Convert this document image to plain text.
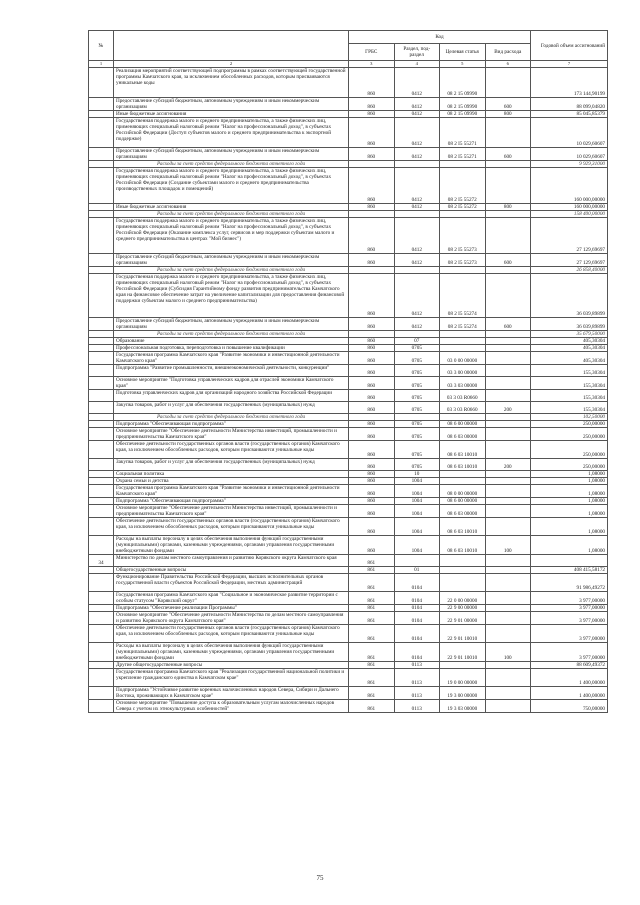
№		Код				Годовой объем ассигнований
		ГРБС	Раздел, под-раздел	Целевая статья	Вид расхода	
1	2	3	4	5	6	7
	Реализация мероприятий соответствующей подпрограммы в рамках соответствующей государственной программы Камчатского края, за исключением обособленных расходов, которым присваиваются уникальные коды	860	0412	08 2 15 09990		173 144,90199
	Предоставление субсидий бюджетным, автономным учреждениям и иным некоммерческим организациям	860	0412	08 2 15 09990	600	88 099,04820
	Иные бюджетные ассигнования	860	0412	08 2 15 09990	800	85 045,85379
	Государственная поддержка малого и среднего предпринимательства, а также физических лиц, применяющих специальный налоговый режим "Налог на профессиональный доход", в субъектах Российской Федерации (Доступ субъектов малого и среднего предпринимательства к экспортной поддержке)	860	0412	08 2 I5 55271		10 029,60607
	Предоставление субсидий бюджетным, автономным учреждениям и иным некоммерческим организациям	860	0412	08 2 I5 55271	600	10 029,60607
	Расходы за счет средств федерального бюджета отчетного года					9 929,31000
	Государственная поддержка малого и среднего предпринимательства, а также физических лиц, применяющих специальный налоговый режим "Налог на профессиональный доход", в субъектах Российской Федерации (Создание субъектами малого и среднего предпринимательства производственных площадок и помещений)	860	0412	08 2 I5 55272		160 000,00000
	Иные бюджетные ассигнования	860	0412	08 2 I5 55272	800	160 000,00000
	Расходы за счет средств федерального бюджета отчетного года					158 400,00000
	Государственная поддержка малого и среднего предпринимательства, а также физических лиц, применяющих специальный налоговый режим "Налог на профессиональный доход", в субъектах Российской Федерации (Оказание комплекса услуг, сервисов и мер поддержки субъектам малого и среднего предпринимательства в центрах "Мой бизнес")	860	0412	08 2 I5 55273		27 129,69697
	Предоставление субсидий бюджетным, автономным учреждениям и иным некоммерческим организациям	860	0412	08 2 I5 55273	600	27 129,69697
	Расходы за счет средств федерального бюджета отчетного года					26 858,40000
	Государственная поддержка малого и среднего предпринимательства, а также физических лиц, применяющих специальный налоговый режим "Налог на профессиональный доход", в субъектах Российской Федерации (Субсидия Гарантийному фонду развития предпринимательства Камчатского края на финансовое обеспечение затрат на увеличение капитализации для предоставления финансовой поддержки субъектам малого и среднего предпринимательства)	860	0412	08 2 I5 55274		36 039,89899
	Предоставление субсидий бюджетным, автономным учреждениям и иным некоммерческим организациям	860	0412	08 2 I5 55274	600	36 039,89899
	Расходы за счет средств федерального бюджета отчетного года					35 679,50000
	Образование	860	07			405,30304
	Профессиональная подготовка, переподготовка и повышение квалификации	860	0705			405,30304
	Государственная программа Камчатского края "Развитие экономики и инвестиционной деятельности Камчатского края"	860	0705	03 0 00 00000		405,30304
	Подпрограмма "Развитие промышленности, внешнеэкономической деятельности, конкуренции"	860	0705	03 3 00 00000		155,30304
	Основное мероприятие "Подготовка управленческих кадров для отраслей экономики Камчатского края"	860	0705	03 3 03 00000		155,30304
	Подготовка управленческих кадров для организаций народного хозяйства Российской Федерации	860	0705	03 3 03 R0660		155,30304
	Закупка товаров, работ и услуг для обеспечения государственных (муниципальных) нужд	860	0705	03 3 03 R0660	200	155,30304
	Расходы за счет средств федерального бюджета отчетного года					102,50000
	Подпрограмма "Обеспечивающая подпрограмма"	860	0705	08 6 00 00000		250,00000
	Основное мероприятие "Обеспечение деятельности Министерства инвестиций, промышленности и предпринимательства Камчатского края"	860	0705	08 6 03 00000		250,00000
	Обеспечение деятельности государственных органов власти (государственных органов) Камчатского края, за исключением обособленных расходов, которым присваиваются уникальные коды	860	0705	08 6 03 10010		250,00000
	Закупка товаров, работ и услуг для обеспечения государственных (муниципальных) нужд	860	0705	08 6 03 10010	200	250,00000
	Социальная политика	860	10			1,08000
	Охрана семьи и детства	860	1004			1,08000
	Государственная программа Камчатского края "Развитие экономики и инвестиционной деятельности Камчатского края"	860	1004	08 0 00 00000		1,08000
	Подпрограмма "Обеспечивающая подпрограмма"	860	1004	08 6 00 00000		1,08000
	Основное мероприятие "Обеспечение деятельности Министерства инвестиций, промышленности и предпринимательства Камчатского края"	860	1004	08 6 03 00000		1,08000
	Обеспечение деятельности государственных органов власти (государственных органов) Камчатского края, за исключением обособленных расходов, которым присваиваются уникальные коды	860	1004	08 6 03 10010		1,08000
	Расходы на выплаты персоналу в целях обеспечения выполнения функций государственными (муниципальными) органами, казенными учреждениями, органами управления государственными внебюджетными фондами	860	1004	08 6 03 10010	100	1,08000
34	Министерство по делам местного самоуправления и развитию Корякского округа Камчатского края	861				
	Общегосударственные вопросы	861	01			408 415,58172
	Функционирование Правительства Российской Федерации, высших исполнительных органов государственной власти субъектов Российской Федерации, местных администраций	861	0104			91 986,49272
	Государственная программа Камчатского края "Социальное и экономическое развитие территории с особым статусом "Корякский округ"	861	0104	22 0 00 00000		3 977,00000
	Подпрограмма "Обеспечение реализации Программы"	861	0104	22 9 00 00000		3 977,00000
	Основное мероприятие "Обеспечение деятельности Министерства по делам местного самоуправления и развитию Корякского округа Камчатского края"	861	0104	22 9 01 00000		3 977,00000
	Обеспечение деятельности государственных органов власти (государственных органов) Камчатского края, за исключением обособленных расходов, которым присваиваются уникальные коды	861	0104	22 9 01 10010		3 977,00000
	Расходы на выплаты персоналу в целях обеспечения выполнения функций государственными (муниципальными) органами, казенными учреждениями, органами управления государственными внебюджетными фондами	861	0104	22 9 01 10010	100	3 977,00000
	Другие общегосударственные вопросы	861	0113			88 609,49372
	Государственная программа Камчатского края "Реализация государственной национальной политики и укрепление гражданского единства в Камчатском крае"	861	0113	19 0 00 00000		1 400,00000
	Подпрограмма "Устойчивое развитие коренных малочисленных народов Севера, Сибири и Дальнего Востока, проживающих в Камчатском крае"	861	0113	19 3 00 00000		1 400,00000
	Основное мероприятие "Повышение доступа к образовательным услугам малочисленных народов Севера с учетом их этнокультурных особенностей"	861	0113	19 3 03 00000		750,00000
75
